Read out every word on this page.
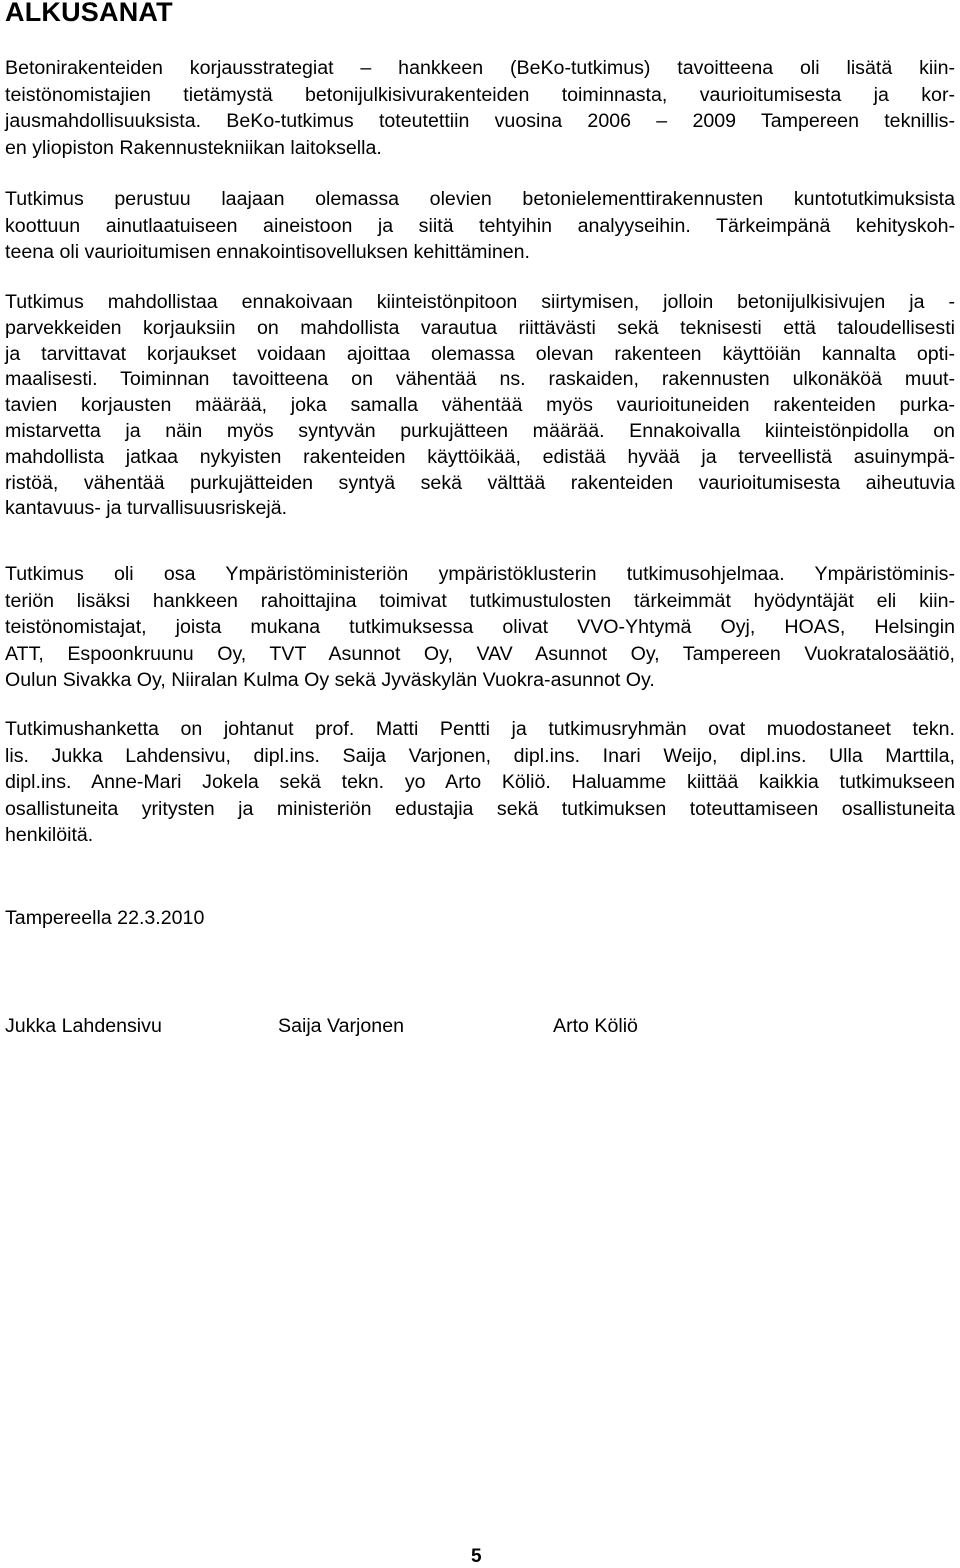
ALKUSANAT

Betonirakenteiden korjausstrategiat – hankkeen (BeKo-tutkimus) tavoitteena oli lisätä kiin-
teistönomistajien tietämystä betonijulkisivurakenteiden toiminnasta, vaurioitumisesta ja kor-
jausmahdollisuuksista. BeKo-tutkimus toteutettiin vuosina 2006 – 2009 Tampereen teknillis-
en yliopiston Rakennustekniikan laitoksella.

Tutkimus perustuu laajaan olemassa olevien betonielementtirakennusten kuntotutkimuksista
koottuun ainutlaatuiseen aineistoon ja siitä tehtyihin analyyseihin. Tärkeimpänä kehityskoh-
teena oli vaurioitumisen ennakointisovelluksen kehittäminen.

Tutkimus mahdollistaa ennakoivaan kiinteistönpitoon siirtymisen, jolloin betonijulkisivujen ja -
parvekkeiden korjauksiin on mahdollista varautua riittävästi sekä teknisesti että taloudellisesti
ja tarvittavat korjaukset voidaan ajoittaa olemassa olevan rakenteen käyttöiän kannalta opti-
maalisesti. Toiminnan tavoitteena on vähentää ns. raskaiden, rakennusten ulkonäköä muut-
tavien korjausten määrää, joka samalla vähentää myös vaurioituneiden rakenteiden purka-
mistarvetta ja näin myös syntyvän purkujätteen määrää. Ennakoivalla kiinteistönpidolla on
mahdollista jatkaa nykyisten rakenteiden käyttöikää, edistää hyvää ja terveellistä asuinympä-
ristöä, vähentää purkujätteiden syntyä sekä välttää rakenteiden vaurioitumisesta aiheutuvia
kantavuus- ja turvallisuusriskejä.

Tutkimus oli osa Ympäristöministeriön ympäristöklusterin tutkimusohjelmaa. Ympäristöminis-
teriön lisäksi hankkeen rahoittajina toimivat tutkimustulosten tärkeimmät hyödyntäjät eli kiin-
teistönomistajat, joista mukana tutkimuksessa olivat VVO-Yhtymä Oyj, HOAS, Helsingin
ATT, Espoonkruunu Oy, TVT Asunnot Oy, VAV Asunnot Oy, Tampereen Vuokratalosäätiö,
Oulun Sivakka Oy, Niiralan Kulma Oy sekä Jyväskylän Vuokra-asunnot Oy.

Tutkimushanketta on johtanut prof. Matti Pentti ja tutkimusryhmän ovat muodostaneet tekn.
lis. Jukka Lahdensivu, dipl.ins. Saija Varjonen, dipl.ins. Inari Weijo, dipl.ins. Ulla Marttila,
dipl.ins. Anne-Mari Jokela sekä tekn. yo Arto Köliö. Haluamme kiittää kaikkia tutkimukseen
osallistuneita yritysten ja ministeriön edustajia sekä tutkimuksen toteuttamiseen osallistuneita
henkilöitä.

Tampereella 22.3.2010

Jukka Lahdensivu	Saija Varjonen	Arto Köliö
5
